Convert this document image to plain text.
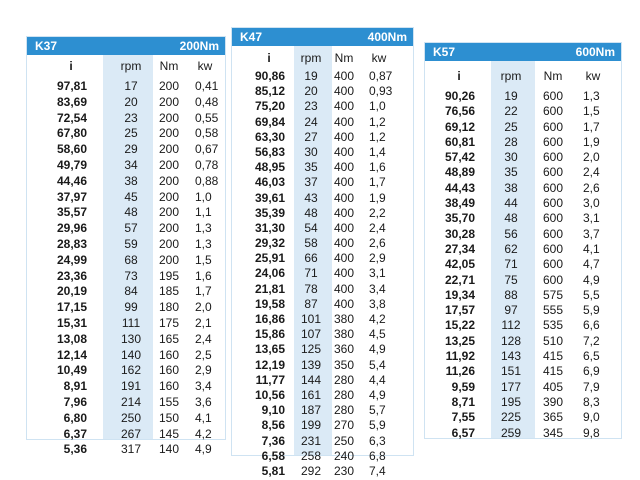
K37	200Nm
i	rpm	Nm	kw
97,81	17	200	0,41
83,69	20	200	0,48
72,54	23	200	0,55
67,80	25	200	0,58
58,60	29	200	0,67
49,79	34	200	0,78
44,46	38	200	0,88
37,97	45	200	1,0
35,57	48	200	1,1
29,96	57	200	1,3
28,83	59	200	1,3
24,99	68	200	1,5
23,36	73	195	1,6
20,19	84	185	1,7
17,15	99	180	2,0
15,31	111	175	2,1
13,08	130	165	2,4
12,14	140	160	2,5
10,49	162	160	2,9
8,91	191	160	3,4
7,96	214	155	3,6
6,80	250	150	4,1
6,37	267	145	4,2
5,36	317	140	4,9
K47	400Nm
i	rpm	Nm	kw
90,86	19	400	0,87
85,12	20	400	0,93
75,20	23	400	1,0
69,84	24	400	1,2
63,30	27	400	1,2
56,83	30	400	1,4
48,95	35	400	1,6
46,03	37	400	1,7
39,61	43	400	1,9
35,39	48	400	2,2
31,30	54	400	2,4
29,32	58	400	2,6
25,91	66	400	2,9
24,06	71	400	3,1
21,81	78	400	3,4
19,58	87	400	3,8
16,86	101	380	4,2
15,86	107	380	4,5
13,65	125	360	4,9
12,19	139	350	5,4
11,77	144	280	4,4
10,56	161	280	4,9
9,10	187	280	5,7
8,56	199	270	5,9
7,36	231	250	6,3
6,58	258	240	6,8
5,81	292	230	7,4
K57	600Nm
i	rpm	Nm	kw
90,26	19	600	1,3
76,56	22	600	1,5
69,12	25	600	1,7
60,81	28	600	1,9
57,42	30	600	2,0
48,89	35	600	2,4
44,43	38	600	2,6
38,49	44	600	3,0
35,70	48	600	3,1
30,28	56	600	3,7
27,34	62	600	4,1
42,05	71	600	4,7
22,71	75	600	4,9
19,34	88	575	5,5
17,57	97	555	5,9
15,22	112	535	6,6
13,25	128	510	7,2
11,92	143	415	6,5
11,26	151	415	6,9
9,59	177	405	7,9
8,71	195	390	8,3
7,55	225	365	9,0
6,57	259	345	9,8
